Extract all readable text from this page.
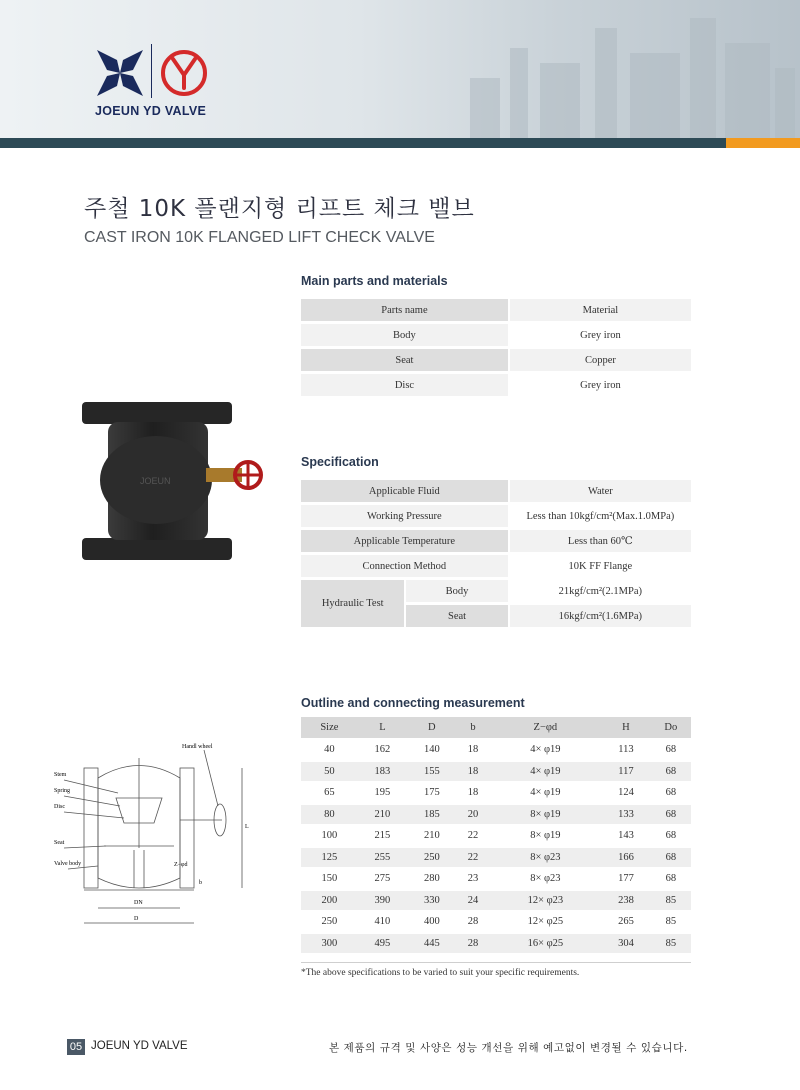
JOEUN YD VALVE
주철 10K 플랜지형 리프트 체크 밸브
CAST IRON 10K FLANGED LIFT CHECK VALVE
JOEUN
Main parts and materials
Parts name	Material
Body	Grey iron
Seat	Copper
Disc	Grey iron
Specification
Applicable Fluid		Water
Working Pressure		Less than 10kgf/cm²(Max.1.0MPa)
Applicable Temperature		Less than 60℃
Connection Method		10K FF Flange
Hydraulic Test	Body	21kgf/cm²(2.1MPa)
	Seat	16kgf/cm²(1.6MPa)
Handl wheel
Stem
Spring
Disc
Seat
Valve body	Z−φd
b
DN
D
L
Outline and connecting measurement
Size	L	D	b	Z−φd	H	Do
40	162	140	18	4× φ19	113	68
50	183	155	18	4× φ19	117	68
65	195	175	18	4× φ19	124	68
80	210	185	20	8× φ19	133	68
100	215	210	22	8× φ19	143	68
125	255	250	22	8× φ23	166	68
150	275	280	23	8× φ23	177	68
200	390	330	24	12× φ23	238	85
250	410	400	28	12× φ25	265	85
300	495	445	28	16× φ25	304	85
*The above specifications to be varied to suit your specific requirements.
05 JOEUN YD VALVE	본 제품의 규격 및 사양은 성능 개선을 위해 예고없이 변경될 수 있습니다.
